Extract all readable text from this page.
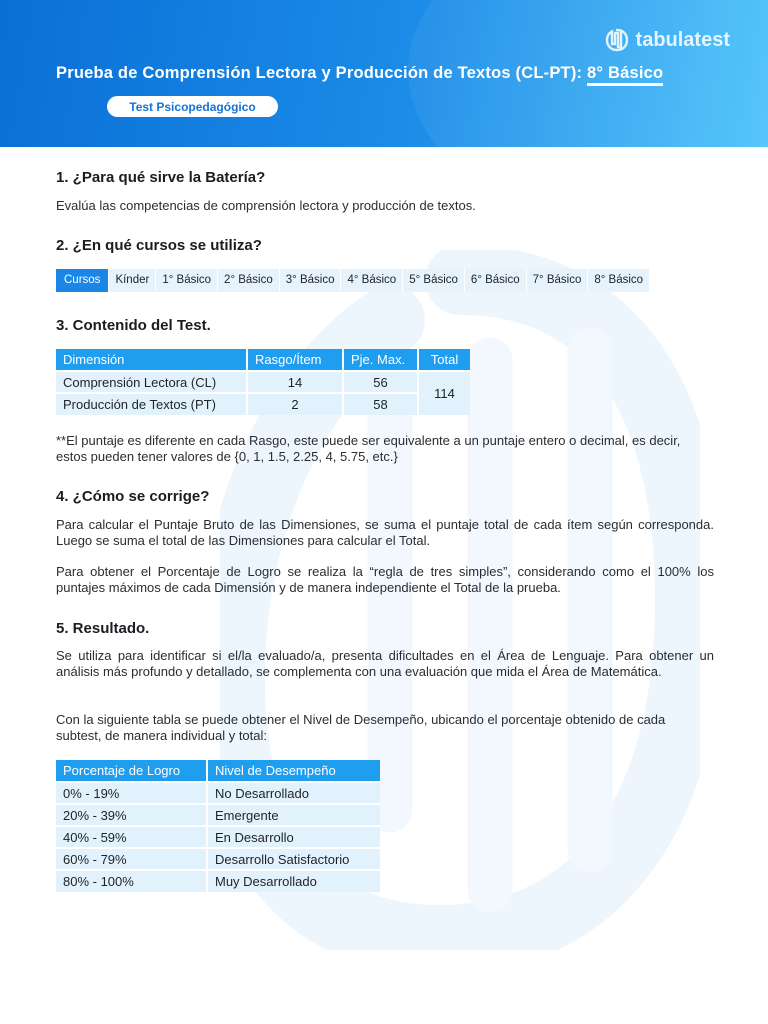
tabulatest
Prueba de Comprensión Lectora y Producción de Textos (CL-PT): 8° Básico
Test Psicopedagógico
1. ¿Para qué sirve la Batería?

Evalúa las competencias de comprensión lectora y producción de textos.

2. ¿En qué cursos se utiliza?
Cursos	Kínder	1° Básico	2° Básico	3° Básico	4° Básico	5° Básico	6° Básico	7° Básico	8° Básico
3. Contenido del Test.
Dimensión	Rasgo/Ítem	Pje. Max.	Total
Comprensión Lectora (CL)	14	56	114
Producción de Textos (PT)	2	58	

**El puntaje es diferente en cada Rasgo, este puede ser equivalente a un puntaje entero o decimal, es decir, estos pueden tener valores de {0, 1, 1.5, 2.25, 4, 5.75, etc.}

4. ¿Cómo se corrige?

Para calcular el Puntaje Bruto de las Dimensiones, se suma el puntaje total de cada ítem según corresponda. Luego se suma el total de las Dimensiones para calcular el Total.

Para obtener el Porcentaje de Logro se realiza la “regla de tres simples”, considerando como el 100% los puntajes máximos de cada Dimensión y de manera independiente el Total de la prueba.

5. Resultado.

Se utiliza para identificar si el/la evaluado/a, presenta dificultades en el Área de Lenguaje. Para obtener un análisis más profundo y detallado, se complementa con una evaluación que mida el Área de Matemática.

Con la siguiente tabla se puede obtener el Nivel de Desempeño, ubicando el porcentaje obtenido de cada subtest, de manera individual y total:

Porcentaje de Logro	Nivel de Desempeño
0% - 19%	No Desarrollado
20% - 39%	Emergente
40% - 59%	En Desarrollo
60% - 79%	Desarrollo Satisfactorio
80% - 100%	Muy Desarrollado
